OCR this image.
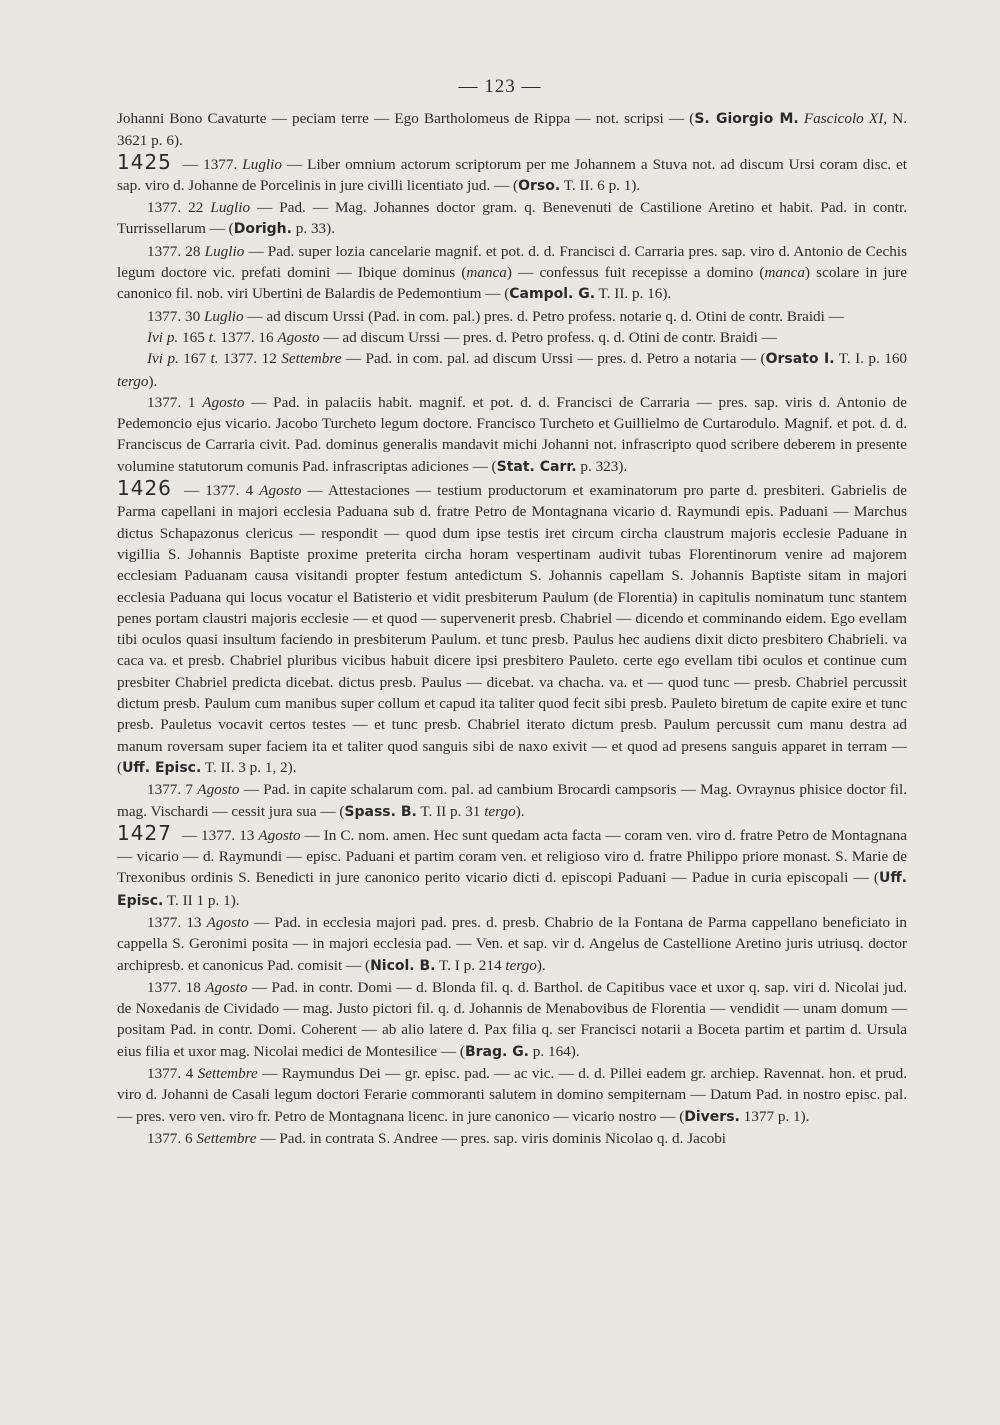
— 123 —

Johanni Bono Cavaturte — peciam terre — Ego Bartholomeus de Rippa — not. scripsi — (S. Giorgio M. Fascicolo XI, N. 3621 p. 6).

1425 — 1377. Luglio — Liber omnium actorum scriptorum per me Johannem a Stuva not. ad discum Ursi coram disc. et sap. viro d. Johanne de Porcelinis in jure civilli licentiato jud. — (Orso. T. II. 6 p. 1).

1377. 22 Luglio — Pad. — Mag. Johannes doctor gram. q. Benevenuti de Castilione Aretino et habit. Pad. in contr. Turrissellarum — (Dorigh. p. 33).

1377. 28 Luglio — Pad. super lozia cancelarie magnif. et pot. d. d. Francisci d. Carraria pres. sap. viro d. Antonio de Cechis legum doctore vic. prefati domini — Ibique dominus (manca) — confessus fuit recepisse a domino (manca) scolare in jure canonico fil. nob. viri Ubertini de Balardis de Pedemontium — (Campol. G. T. II. p. 16).

1377. 30 Luglio — ad discum Urssi (Pad. in com. pal.) pres. d. Petro profess. notarie q. d. Otini de contr. Braidi —

Ivi p. 165 t. 1377. 16 Agosto — ad discum Urssi — pres. d. Petro profess. q. d. Otini de contr. Braidi —

Ivi p. 167 t. 1377. 12 Settembre — Pad. in com. pal. ad discum Urssi — pres. d. Petro a notaria — (Orsato I. T. I. p. 160 tergo).

1377. 1 Agosto — Pad. in palaciis habit. magnif. et pot. d. d. Francisci de Carraria — pres. sap. viris d. Antonio de Pedemoncio ejus vicario. Jacobo Turcheto legum doctore. Francisco Turcheto et Guillielmo de Curtarodulo. Magnif. et pot. d. d. Franciscus de Carraria civit. Pad. dominus generalis mandavit michi Johanni not. infrascripto quod scribere deberem in presente volumine statutorum comunis Pad. infrascriptas adiciones — (Stat. Carr. p. 323).

1426 — 1377. 4 Agosto — Attestaciones — testium productorum et examinatorum pro parte d. presbiteri. Gabrielis de Parma capellani in majori ecclesia Paduana sub d. fratre Petro de Montagnana vicario d. Raymundi epis. Paduani — Marchus dictus Schapazonus clericus — respondit — quod dum ipse testis iret circum circha claustrum majoris ecclesie Paduane in vigillia S. Johannis Baptiste proxime preterita circha horam vespertinam audivit tubas Florentinorum venire ad majorem ecclesiam Paduanam causa visitandi propter festum antedictum S. Johannis capellam S. Johannis Baptiste sitam in majori ecclesia Paduana qui locus vocatur el Batisterio et vidit presbiterum Paulum (de Florentia) in capitulis nominatum tunc stantem penes portam claustri majoris ecclesie — et quod — supervenerit presb. Chabriel — dicendo et comminando eidem. Ego evellam tibi oculos quasi insultum faciendo in presbiterum Paulum. et tunc presb. Paulus hec audiens dixit dicto presbitero Chabrieli. va caca va. et presb. Chabriel pluribus vicibus habuit dicere ipsi presbitero Pauleto. certe ego evellam tibi oculos et continue cum presbiter Chabriel predicta dicebat. dictus presb. Paulus — dicebat. va chacha. va. et — quod tunc — presb. Chabriel percussit dictum presb. Paulum cum manibus super collum et capud ita taliter quod fecit sibi presb. Pauleto biretum de capite exire et tunc presb. Pauletus vocavit certos testes — et tunc presb. Chabriel iterato dictum presb. Paulum percussit cum manu destra ad manum roversam super faciem ita et taliter quod sanguis sibi de naxo exivit — et quod ad presens sanguis apparet in terram — (Uff. Episc. T. II. 3 p. 1, 2).

1377. 7 Agosto — Pad. in capite schalarum com. pal. ad cambium Brocardi campsoris — Mag. Ovraynus phisice doctor fil. mag. Vischardi — cessit jura sua — (Spass. B. T. II p. 31 tergo).

1427 — 1377. 13 Agosto — In C. nom. amen. Hec sunt quedam acta facta — coram ven. viro d. fratre Petro de Montagnana — vicario — d. Raymundi — episc. Paduani et partim coram ven. et religioso viro d. fratre Philippo priore monast. S. Marie de Trexonibus ordinis S. Benedicti in jure canonico perito vicario dicti d. episcopi Paduani — Padue in curia episcopali — (Uff. Episc. T. II 1 p. 1).

1377. 13 Agosto — Pad. in ecclesia majori pad. pres. d. presb. Chabrio de la Fontana de Parma cappellano beneficiato in cappella S. Geronimi posita — in majori ecclesia pad. — Ven. et sap. vir d. Angelus de Castellione Aretino juris utriusq. doctor archipresb. et canonicus Pad. comisit — (Nicol. B. T. I p. 214 tergo).

1377. 18 Agosto — Pad. in contr. Domi — d. Blonda fil. q. d. Barthol. de Capitibus vace et uxor q. sap. viri d. Nicolai jud. de Noxedanis de Cividado — mag. Justo pictori fil. q. d. Johannis de Menabovibus de Florentia — vendidit — unam domum — positam Pad. in contr. Domi. Coherent — ab alio latere d. Pax filia q. ser Francisci notarii a Boceta partim et partim d. Ursula eius filia et uxor mag. Nicolai medici de Montesilice — (Brag. G. p. 164).

1377. 4 Settembre — Raymundus Dei — gr. episc. pad. — ac vic. — d. d. Pillei eadem gr. archiep. Ravennat. hon. et prud. viro d. Johanni de Casali legum doctori Ferarie commoranti salutem in domino sempiternam — Datum Pad. in nostro episc. pal. — pres. vero ven. viro fr. Petro de Montagnana licenc. in jure canonico — vicario nostro — (Divers. 1377 p. 1).

1377. 6 Settembre — Pad. in contrata S. Andree — pres. sap. viris dominis Nicolao q. d. Jacobi
